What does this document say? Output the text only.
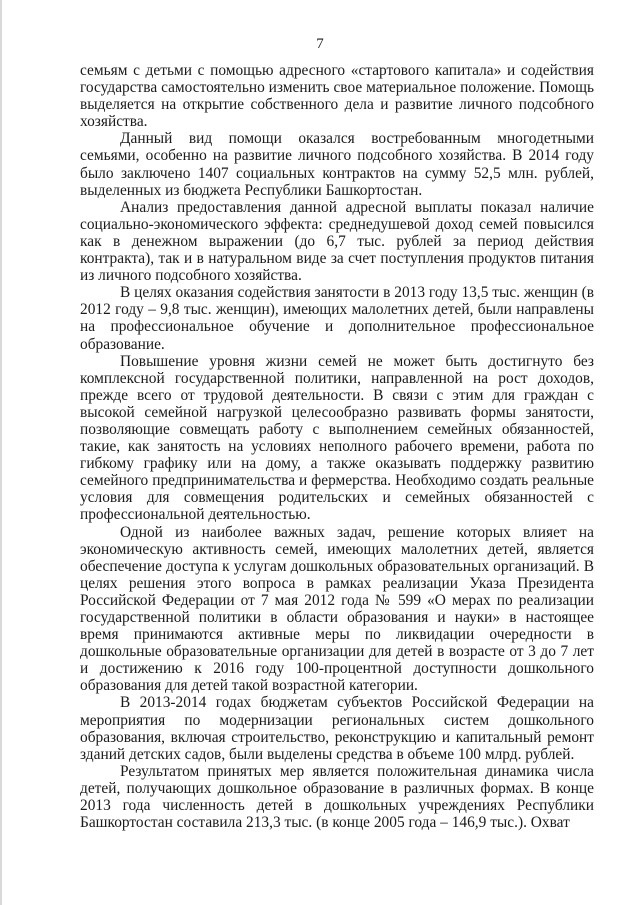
7

семьям с детьми с помощью адресного «стартового капитала» и содействия государства самостоятельно изменить свое материальное положение. Помощь выделяется на открытие собственного дела и развитие личного подсобного хозяйства.

Данный вид помощи оказался востребованным многодетными семьями, особенно на развитие личного подсобного хозяйства. В 2014 году было заключено 1407 социальных контрактов на сумму 52,5 млн. рублей, выделенных из бюджета Республики Башкортостан.

Анализ предоставления данной адресной выплаты показал наличие социально-экономического эффекта: среднедушевой доход семей повысился как в денежном выражении (до 6,7 тыс. рублей за период действия контракта), так и в натуральном виде за счет поступления продуктов питания из личного подсобного хозяйства.

В целях оказания содействия занятости в 2013 году 13,5 тыс. женщин (в 2012 году – 9,8 тыс. женщин), имеющих малолетних детей, были направлены на профессиональное обучение и дополнительное профессиональное образование.

Повышение уровня жизни семей не может быть достигнуто без комплексной государственной политики, направленной на рост доходов, прежде всего от трудовой деятельности. В связи с этим для граждан с высокой семейной нагрузкой целесообразно развивать формы занятости, позволяющие совмещать работу с выполнением семейных обязанностей, такие, как занятость на условиях неполного рабочего времени, работа по гибкому графику или на дому, а также оказывать поддержку развитию семейного предпринимательства и фермерства. Необходимо создать реальные условия для совмещения родительских и семейных обязанностей с профессиональной деятельностью.

Одной из наиболее важных задач, решение которых влияет на экономическую активность семей, имеющих малолетних детей, является обеспечение доступа к услугам дошкольных образовательных организаций. В целях решения этого вопроса в рамках реализации Указа Президента Российской Федерации от 7 мая 2012 года № 599 «О мерах по реализации государственной политики в области образования и науки» в настоящее время принимаются активные меры по ликвидации очередности в дошкольные образовательные организации для детей в возрасте от 3 до 7 лет и достижению к 2016 году 100-процентной доступности дошкольного образования для детей такой возрастной категории.

В 2013-2014 годах бюджетам субъектов Российской Федерации на мероприятия по модернизации региональных систем дошкольного образования, включая строительство, реконструкцию и капитальный ремонт зданий детских садов, были выделены средства в объеме 100 млрд. рублей.

Результатом принятых мер является положительная динамика числа детей, получающих дошкольное образование в различных формах. В конце 2013 года численность детей в дошкольных учреждениях Республики Башкортостан составила 213,3 тыс. (в конце 2005 года – 146,9 тыс.). Охват
